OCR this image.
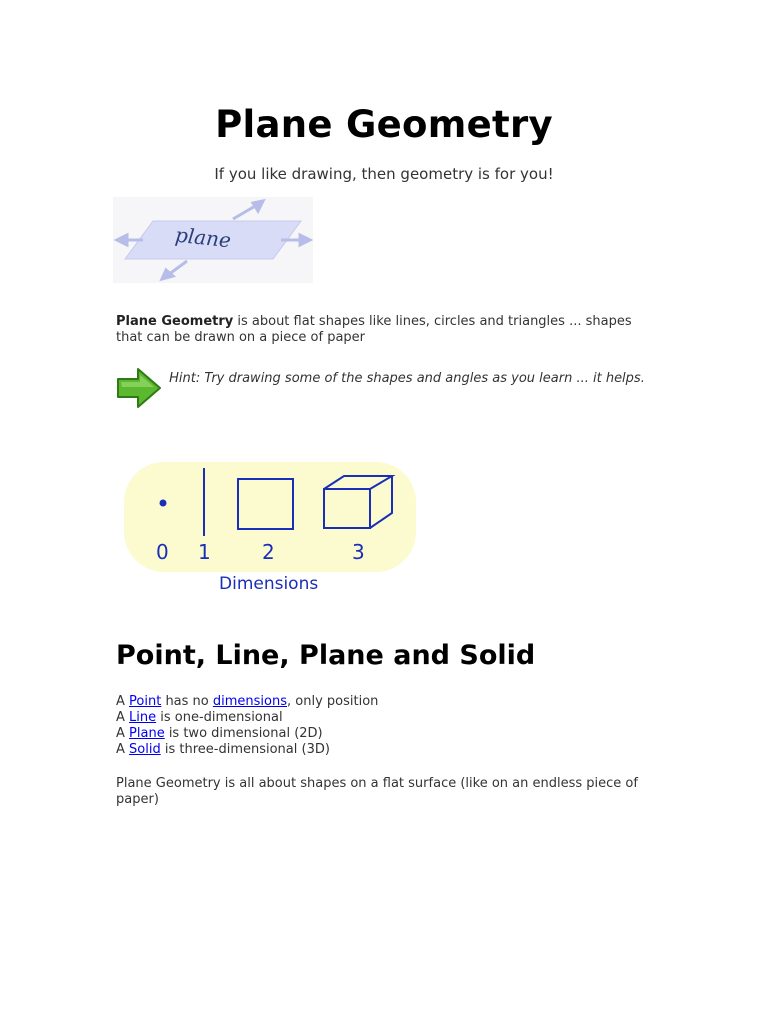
Plane Geometry
If you like drawing, then geometry is for you!
plane
Plane Geometry is about flat shapes like lines, circles and triangles ... shapes that can be drawn on a piece of paper
Hint: Try drawing some of the shapes and angles as you learn ... it helps.
0 1	2	3
Dimensions
Point, Line, Plane and Solid
A Point has no dimensions, only position
A Line is one-dimensional
A Plane is two dimensional (2D)
A Solid is three-dimensional (3D)
Plane Geometry is all about shapes on a flat surface (like on an endless piece of paper)
